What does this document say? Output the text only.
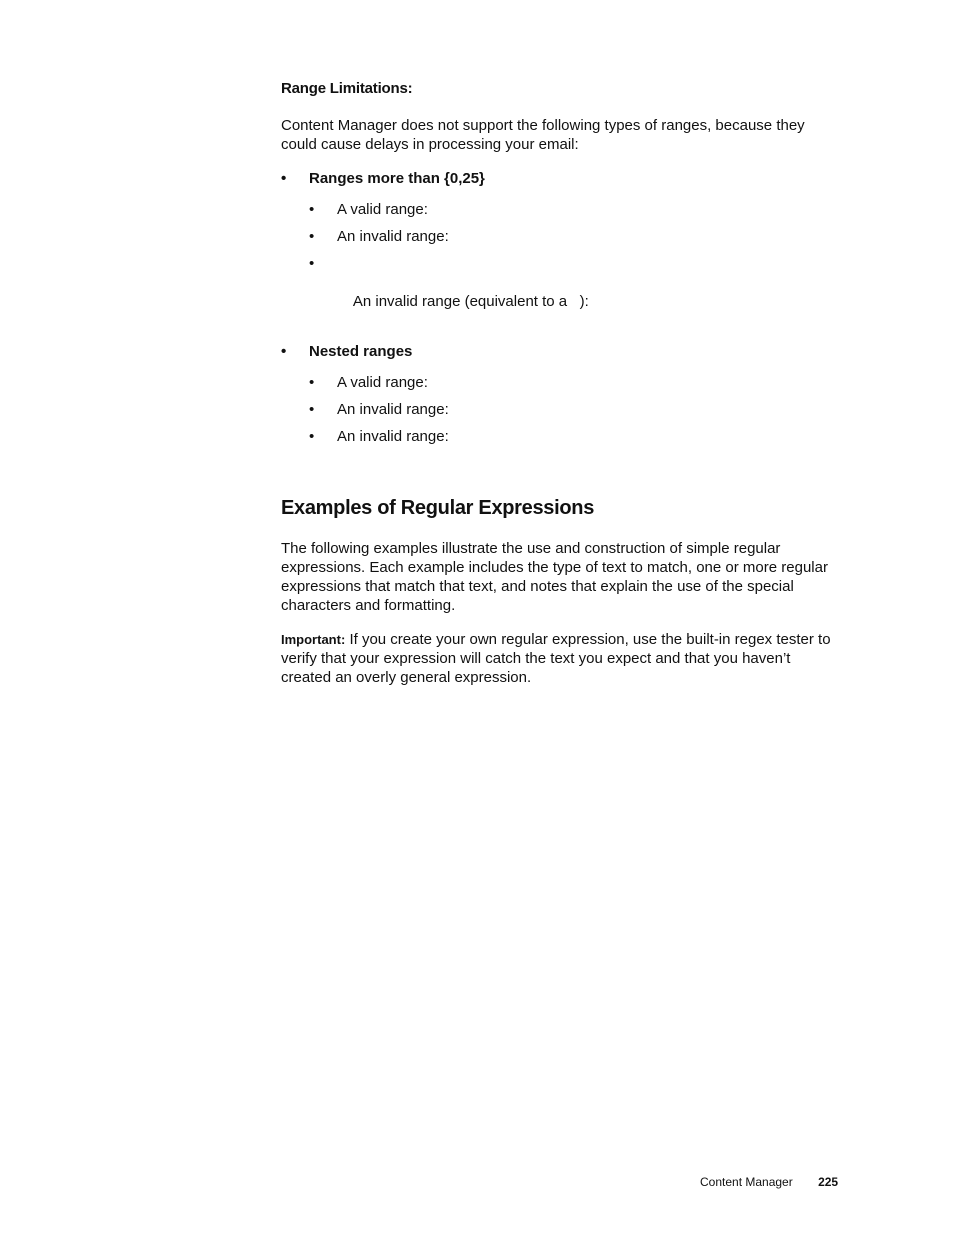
Range Limitations:

Content Manager does not support the following types of ranges, because they could cause delays in processing your email:

• Ranges more than {0,25}
• A valid range:
• An invalid range:

•

An invalid range (equivalent to a   ):

• Nested ranges
• A valid range:
• An invalid range:
• An invalid range:
Examples of Regular Expressions

The following examples illustrate the use and construction of simple regular expressions. Each example includes the type of text to match, one or more regular expressions that match that text, and notes that explain the use of the special characters and formatting.

Important: If you create your own regular expression, use the built-in regex tester to verify that your expression will catch the text you expect and that you haven’t created an overly general expression.

Content Manager 225
